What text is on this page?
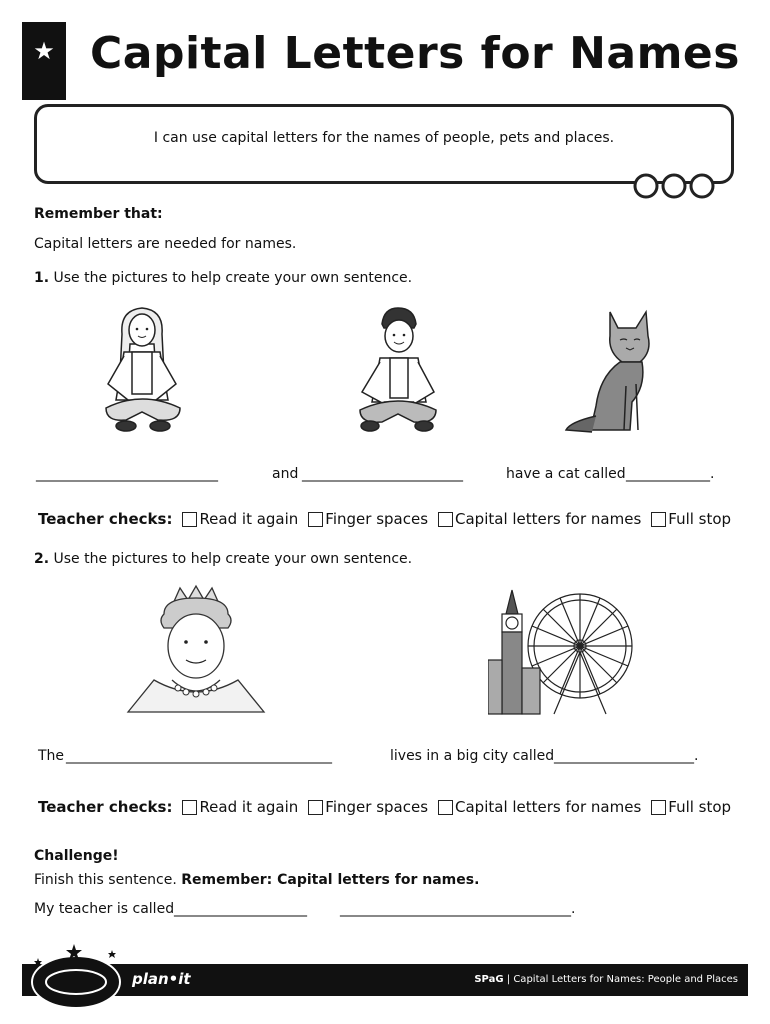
★ Capital Letters for Names
I can use capital letters for the names of people, pets and places.
Remember that:
Capital letters are needed for names.
1. Use the pictures to help create your own sentence.
__________________________	and _______________________	have a cat called ____________.
Teacher checks: Read it again Finger spaces Capital letters for names Full stop
2. Use the pictures to help create your own sentence.
The ______________________________________	lives in a big city called ____________________.
Teacher checks: Read it again Finger spaces Capital letters for names Full stop
Challenge!
Finish this sentence. Remember: Capital letters for names.
My teacher is called ___________________ _________________________________.
plan•it	SPaG | Capital Letters for Names: People and Places
